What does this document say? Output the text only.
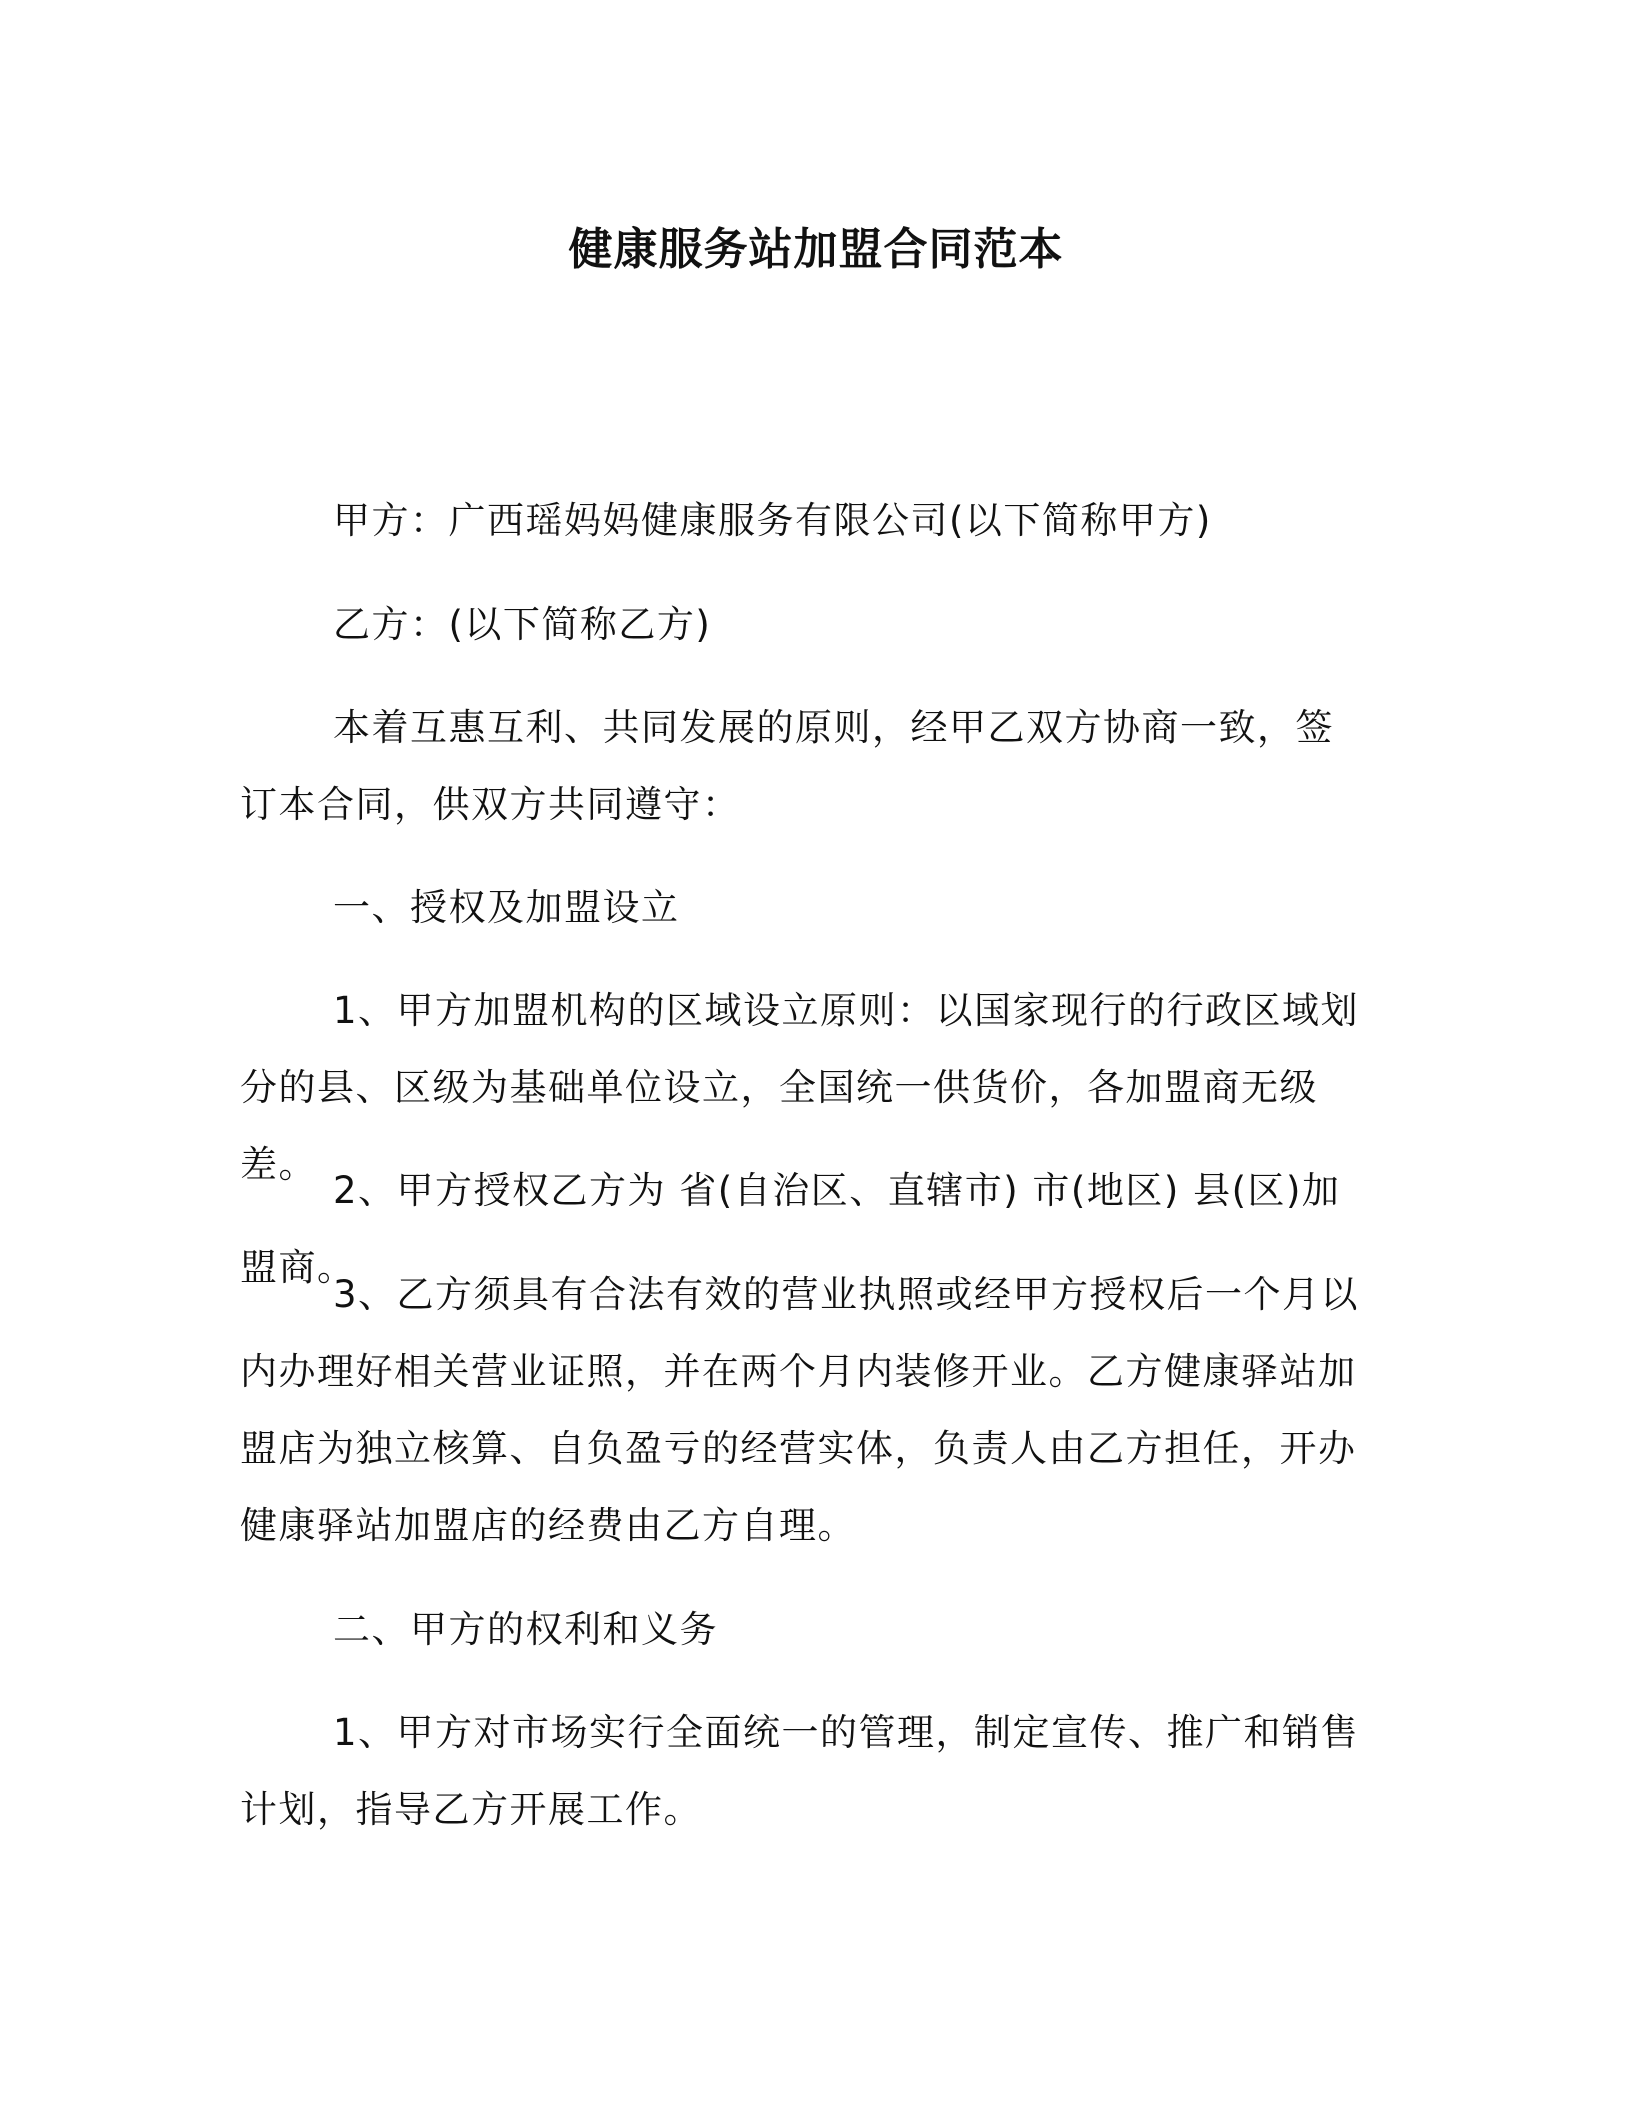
健康服务站加盟合同范本

甲方：广西瑶妈妈健康服务有限公司(以下简称甲方)

乙方：(以下简称乙方)

本着互惠互利、共同发展的原则，经甲乙双方协商一致，签订本合同，供双方共同遵守：

一、授权及加盟设立

1、甲方加盟机构的区域设立原则：以国家现行的行政区域划分的县、区级为基础单位设立，全国统一供货价，各加盟商无级差。

2、甲方授权乙方为 省(自治区、直辖市) 市(地区) 县(区)加盟商。

3、乙方须具有合法有效的营业执照或经甲方授权后一个月以内办理好相关营业证照，并在两个月内装修开业。乙方健康驿站加盟店为独立核算、自负盈亏的经营实体，负责人由乙方担任，开办健康驿站加盟店的经费由乙方自理。

二、甲方的权利和义务

1、甲方对市场实行全面统一的管理，制定宣传、推广和销售计划，指导乙方开展工作。
